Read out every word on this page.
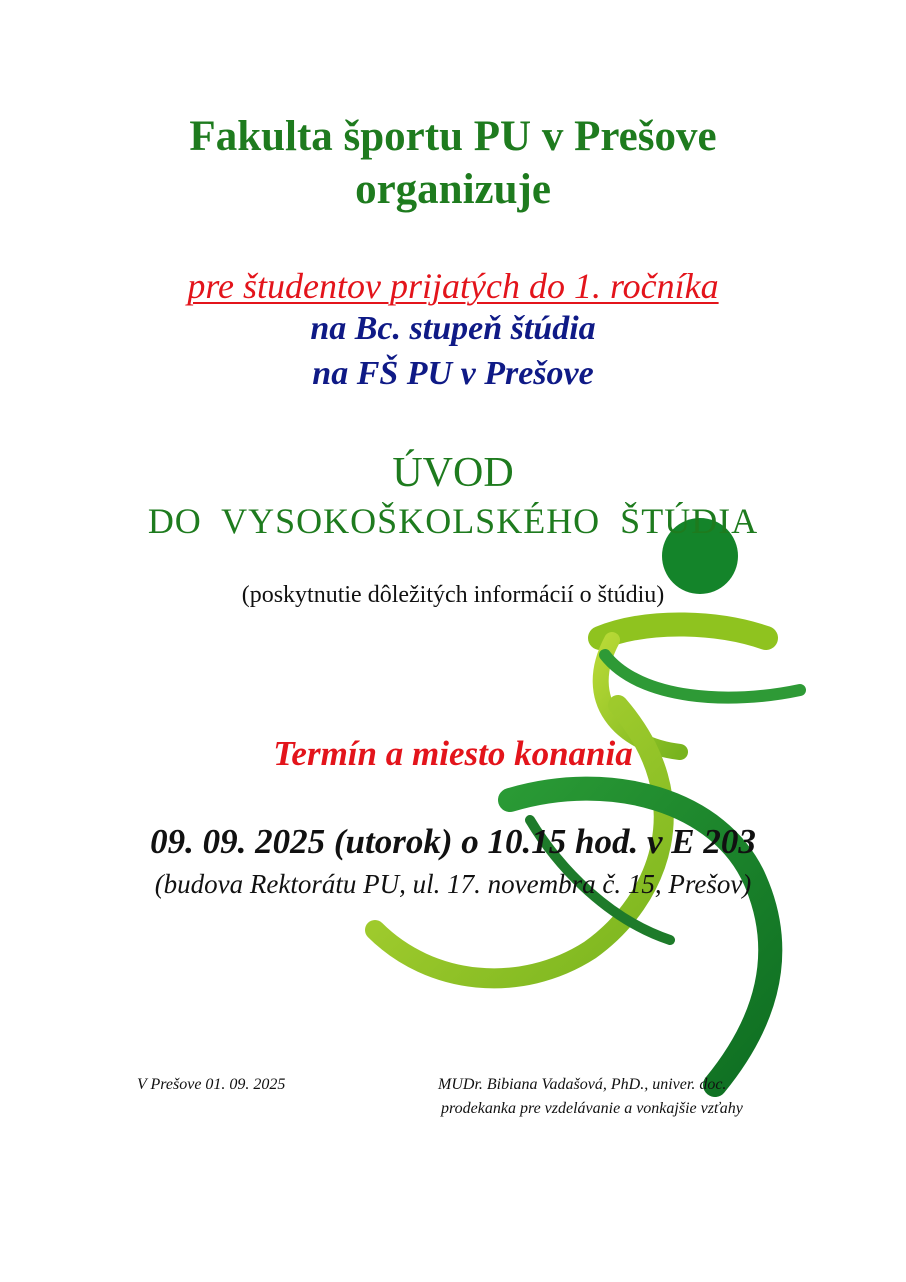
Fakulta športu PU v Prešove
organizuje
pre študentov prijatých do 1. ročníka
na Bc. stupeň štúdia
na FŠ PU v Prešove
ÚVOD
DO VYSOKOŠKOLSKÉHO ŠTÚDIA
(poskytnutie dôležitých informácií o štúdiu)
Termín a miesto konania
09. 09. 2025 (utorok) o 10.15 hod. v E 203
(budova Rektorátu PU, ul. 17. novembra č. 15, Prešov)
V Prešove 01. 09. 2025	MUDr. Bibiana Vadašová, PhD., univer. doc.
prodekanka pre vzdelávanie a vonkajšie vzťahy
